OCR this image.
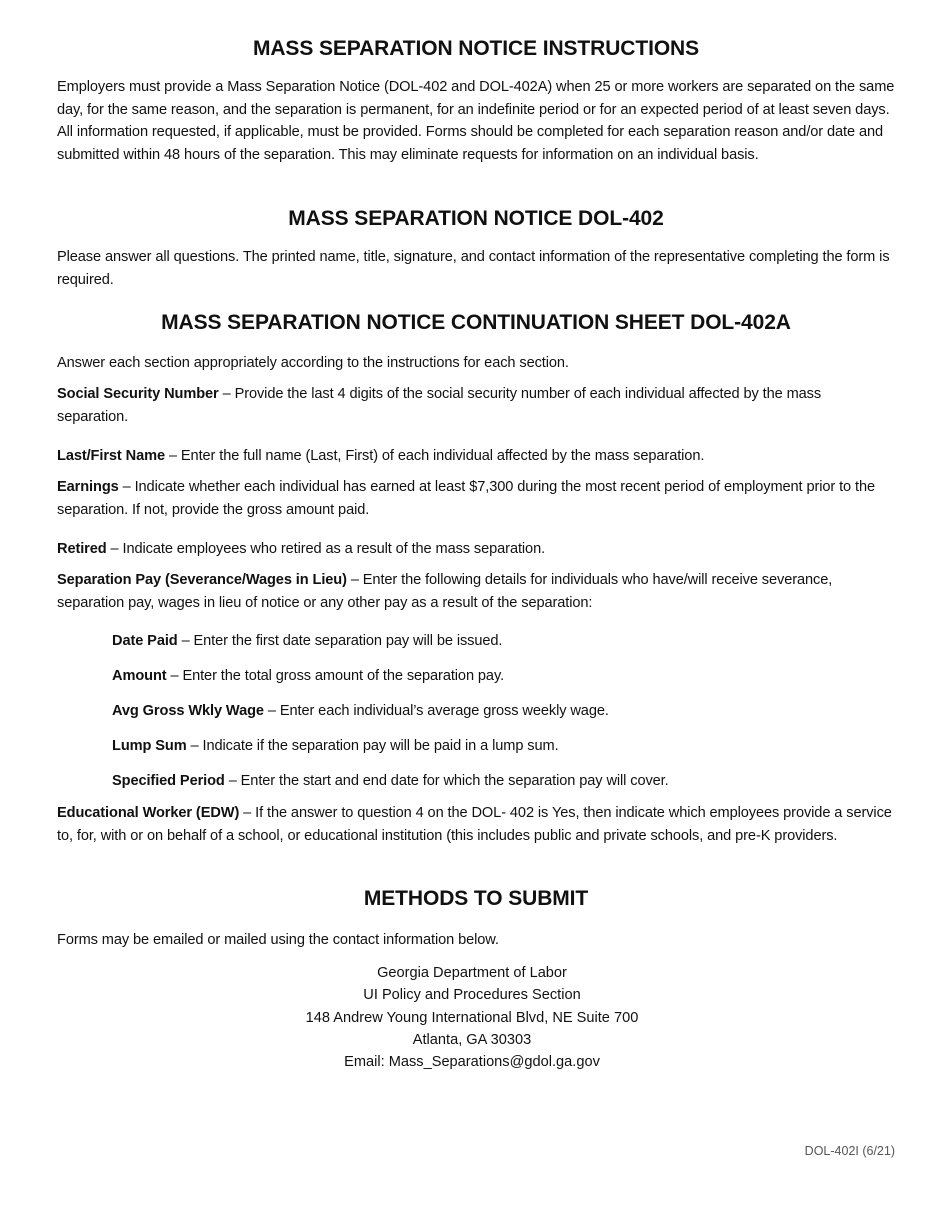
MASS SEPARATION NOTICE INSTRUCTIONS

Employers must provide a Mass Separation Notice (DOL-402 and DOL-402A) when 25 or more workers are separated on the same day, for the same reason, and the separation is permanent, for an indefinite period or for an expected period of at least seven days. All information requested, if applicable, must be provided. Forms should be completed for each separation reason and/or date and submitted within 48 hours of the separation. This may eliminate requests for information on an individual basis.

MASS SEPARATION NOTICE DOL-402

Please answer all questions. The printed name, title, signature, and contact information of the representative completing the form is required.

MASS SEPARATION NOTICE CONTINUATION SHEET DOL-402A

Answer each section appropriately according to the instructions for each section.

Social Security Number – Provide the last 4 digits of the social security number of each individual affected by the mass separation.

Last/First Name – Enter the full name (Last, First) of each individual affected by the mass separation.

Earnings – Indicate whether each individual has earned at least $7,300 during the most recent period of employment prior to the separation. If not, provide the gross amount paid.

Retired – Indicate employees who retired as a result of the mass separation.

Separation Pay (Severance/Wages in Lieu) – Enter the following details for individuals who have/will receive severance, separation pay, wages in lieu of notice or any other pay as a result of the separation:

Date Paid – Enter the first date separation pay will be issued.

Amount – Enter the total gross amount of the separation pay.

Avg Gross Wkly Wage – Enter each individual’s average gross weekly wage.

Lump Sum – Indicate if the separation pay will be paid in a lump sum.

Specified Period – Enter the start and end date for which the separation pay will cover.

Educational Worker (EDW) – If the answer to question 4 on the DOL- 402 is Yes, then indicate which employees provide a service to, for, with or on behalf of a school, or educational institution (this includes public and private schools, and pre-K providers.

METHODS TO SUBMIT

Forms may be emailed or mailed using the contact information below.

Georgia Department of Labor
UI Policy and Procedures Section
148 Andrew Young International Blvd, NE Suite 700
Atlanta, GA 30303
Email: Mass_Separations@gdol.ga.gov
DOL-402I (6/21)
